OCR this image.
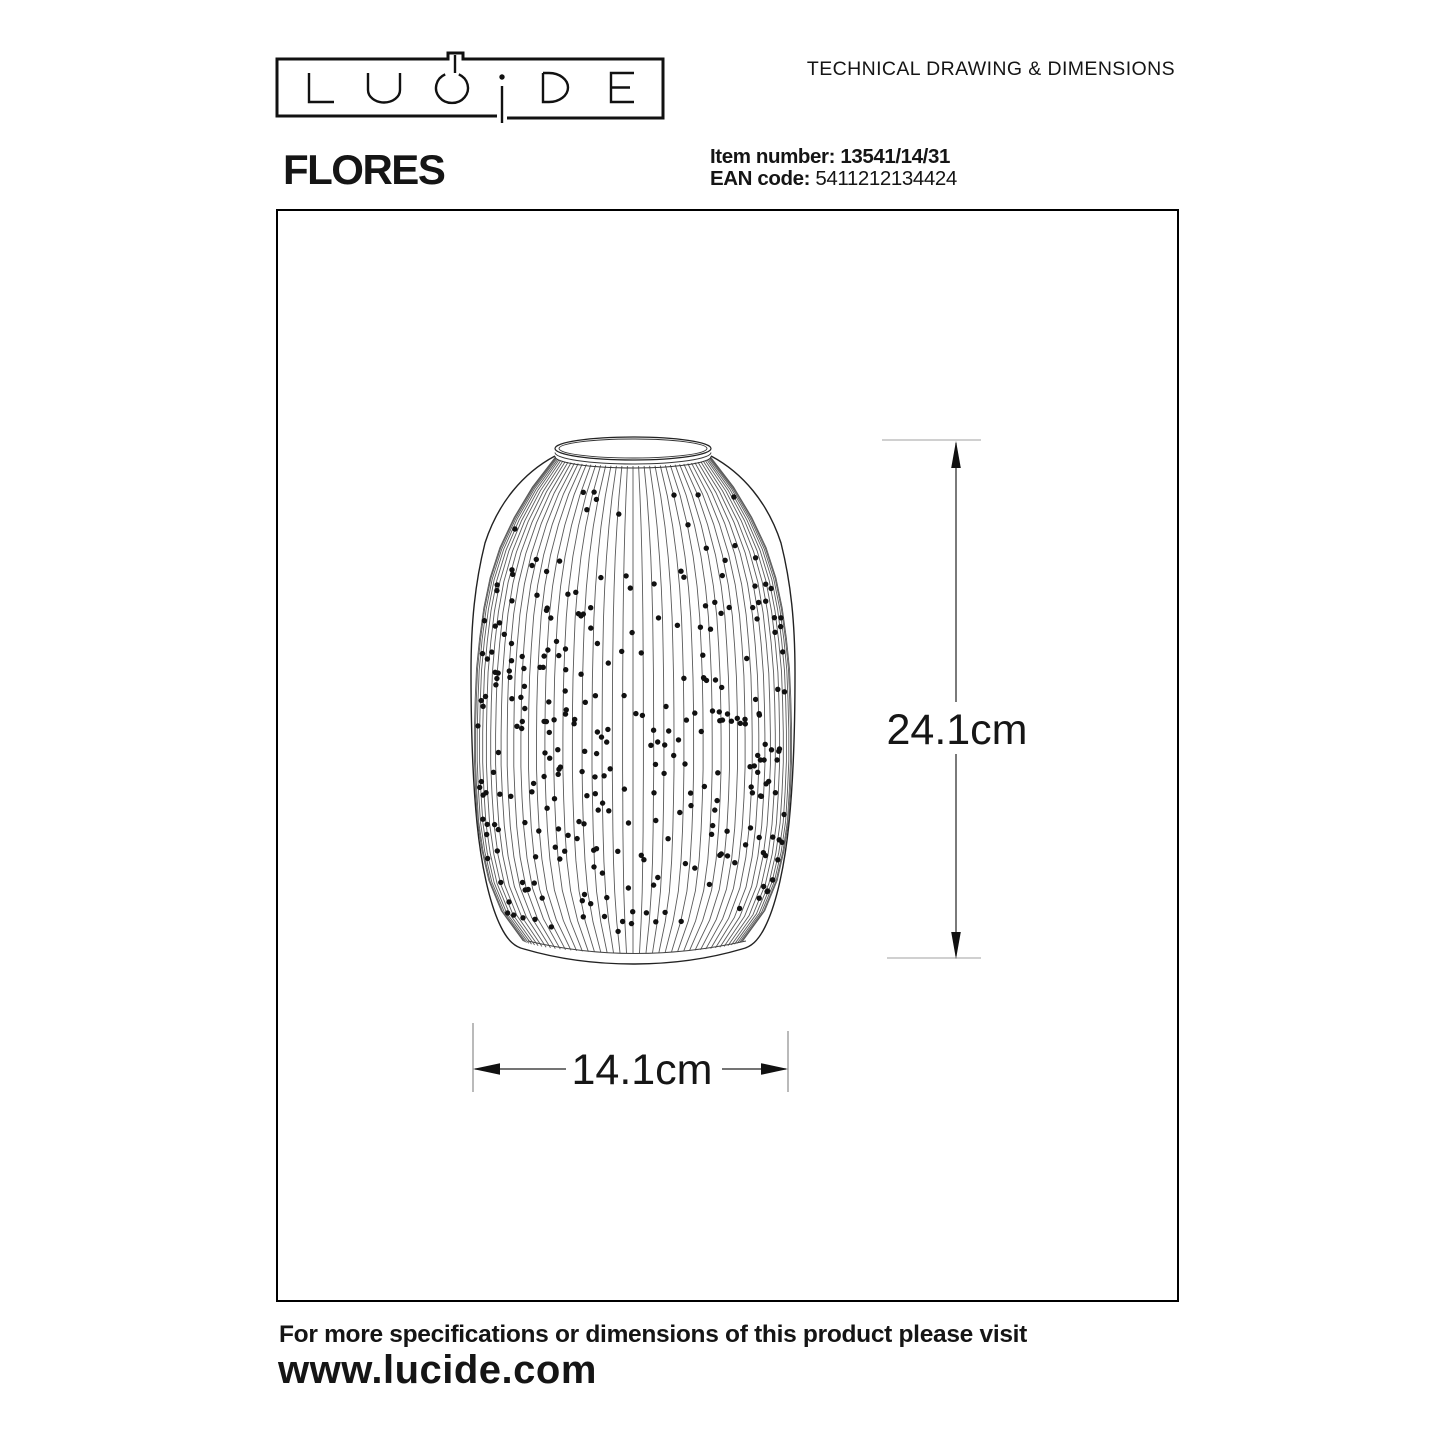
TECHNICAL DRAWING & DIMENSIONS
FLORES	Item number: 13541/14/31
EAN code: 5411212134424
24.1cm
14.1cm
For more specifications or dimensions of this product please visit
www.lucide.com
